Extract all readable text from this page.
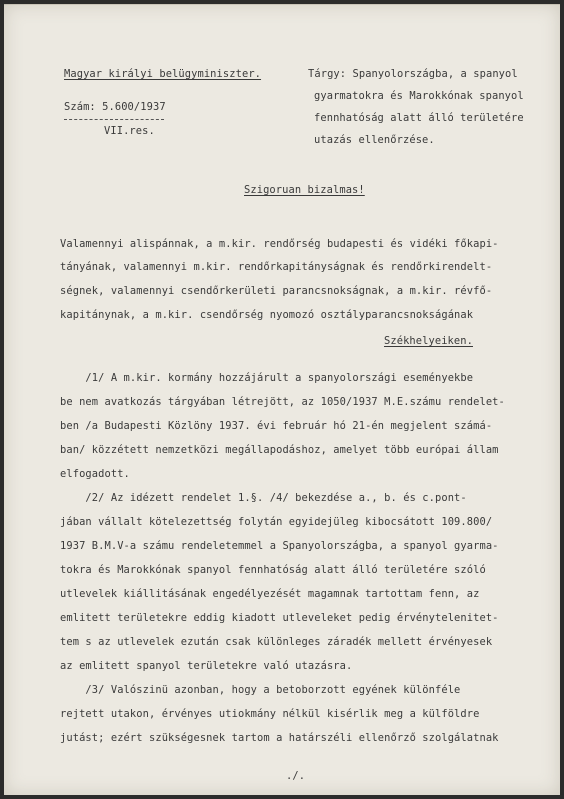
Magyar királyi belügyminiszter.
Szám: 5.600/1937
VII.res.
Tárgy: Spanyolországba, a spanyol
gyarmatokra és Marokkónak spanyol
fennhatóság alatt álló területére
utazás ellenőrzése.
Szigoruan bizalmas!
Valamennyi alispánnak, a m.kir. rendőrség budapesti és vidéki főkapi-
tányának, valamennyi m.kir. rendőrkapitányságnak és rendőrkirendelt-
ségnek, valamennyi csendőrkerületi parancsnokságnak, a m.kir. révfő-
kapitánynak, a m.kir. csendőrség nyomozó osztályparancsnokságának
Székhelyeiken.
/1/ A m.kir. kormány hozzájárult a spanyolországi eseményekbe
be nem avatkozás tárgyában létrejött, az 1050/1937 M.E.számu rendelet-
ben /a Budapesti Közlöny 1937. évi február hó 21-én megjelent számá-
ban/ közzétett nemzetközi megállapodáshoz, amelyet több európai állam
elfogadott.
/2/ Az idézett rendelet 1.§. /4/ bekezdése a., b. és c.pont-
jában vállalt kötelezettség folytán egyidejüleg kibocsátott 109.800/
1937 B.M.V-a számu rendeletemmel a Spanyolországba, a spanyol gyarma-
tokra és Marokkónak spanyol fennhatóság alatt álló területére szóló
utlevelek kiállitásának engedélyezését magamnak tartottam fenn, az
emlitett területekre eddig kiadott utleveleket pedig érvénytelenitet-
tem s az utlevelek ezután csak különleges záradék mellett érvényesek
az emlitett spanyol területekre való utazásra.
/3/ Valószinü azonban, hogy a betoborzott egyének különféle
rejtett utakon, érvényes utiokmány nélkül kisérlik meg a külföldre
jutást; ezért szükségesnek tartom a határszéli ellenőrző szolgálatnak
./.
